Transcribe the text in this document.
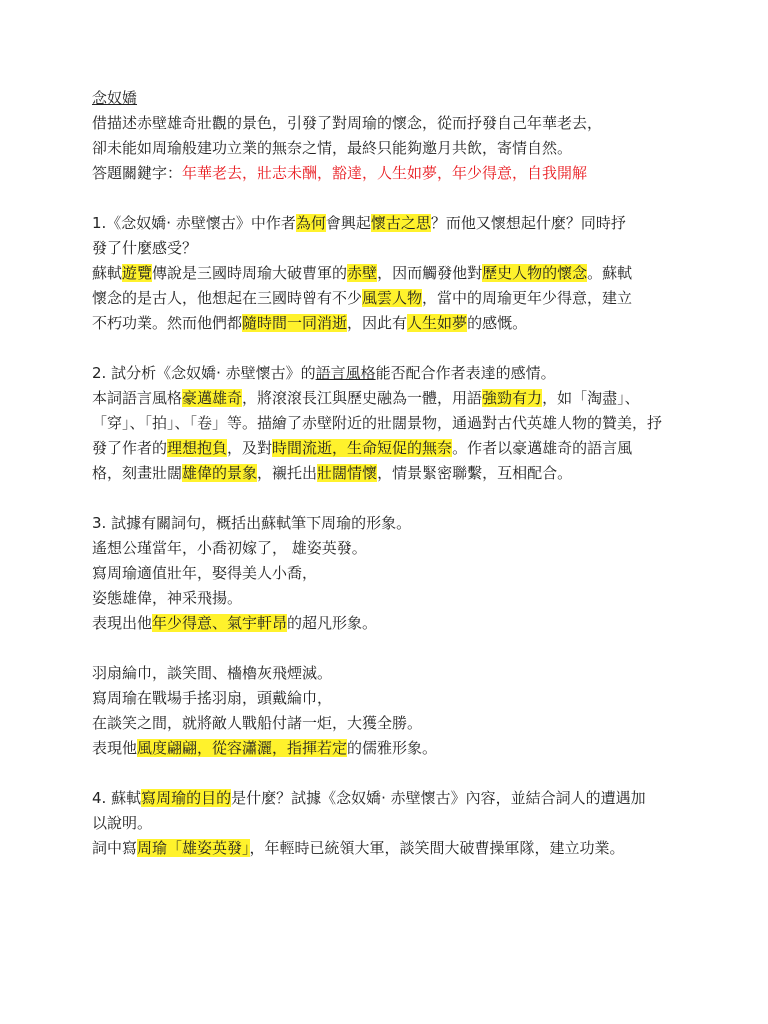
念奴嬌
借描述赤壁雄奇壯觀的景色，引發了對周瑜的懷念，從而抒發自己年華老去，
卻未能如周瑜般建功立業的無奈之情，最終只能夠邀月共飲，寄情自然。
答題關鍵字：年華老去，壯志未酬，豁達，人生如夢，年少得意，自我開解
1.《念奴嬌· 赤壁懷古》中作者為何會興起懷古之思？而他又懷想起什麼？同時抒
發了什麼感受？
蘇軾遊覽傳說是三國時周瑜大破曹軍的赤壁，因而觸發他對歷史人物的懷念。蘇軾
懷念的是古人，他想起在三國時曾有不少風雲人物，當中的周瑜更年少得意，建立
不朽功業。然而他們都隨時間一同消逝，因此有人生如夢的感慨。
2. 試分析《念奴嬌· 赤壁懷古》的語言風格能否配合作者表達的感情。
本詞語言風格豪邁雄奇，將滾滾長江與歷史融為一體，用語強勁有力，如「淘盡」、
「穿」、「拍」、「卷」等。描繪了赤壁附近的壯闊景物，通過對古代英雄人物的贊美，抒
發了作者的理想抱負，及對時間流逝，生命短促的無奈。作者以豪邁雄奇的語言風
格，刻畫壯闊雄偉的景象，襯托出壯闊情懷，情景緊密聯繫，互相配合。
3. 試據有關詞句，概括出蘇軾筆下周瑜的形象。
遙想公瑾當年，小喬初嫁了， 雄姿英發。
寫周瑜適值壯年，娶得美人小喬，
姿態雄偉，神采飛揚。
表現出他年少得意、氣宇軒昂的超凡形象。
羽扇綸巾，談笑間、檣櫓灰飛煙滅。
寫周瑜在戰場手搖羽扇，頭戴綸巾，
在談笑之間，就將敵人戰船付諸一炬，大獲全勝。
表現他風度翩翩，從容瀟灑，指揮若定的儒雅形象。
4. 蘇軾寫周瑜的目的是什麼？試據《念奴嬌· 赤壁懷古》內容，並結合詞人的遭遇加
以說明。
詞中寫周瑜「雄姿英發」，年輕時已統領大軍，談笑間大破曹操軍隊，建立功業。
